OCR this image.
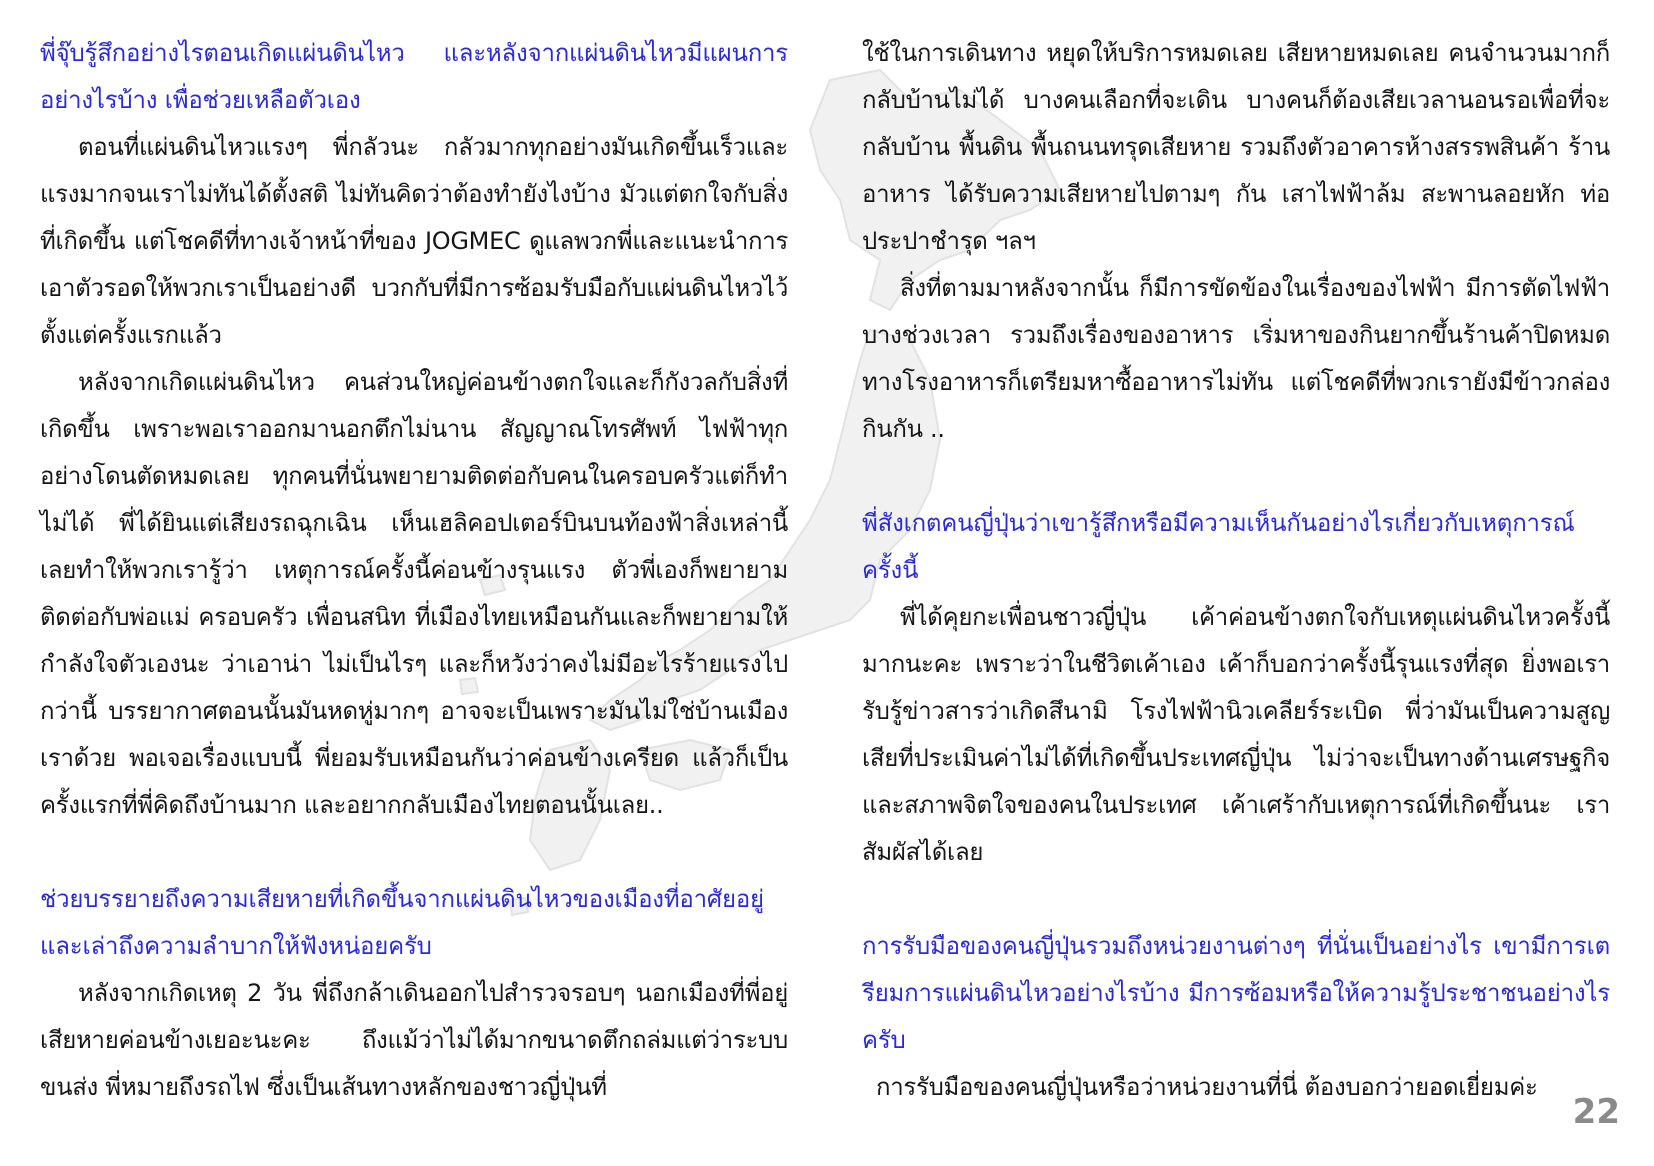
พี่จุ๊บรู้สึกอย่างไรตอนเกิดแผ่นดินไหว และหลังจากแผ่นดินไหวมีแผนการอย่างไรบ้าง เพื่อช่วยเหลือตัวเอง

ตอนที่แผ่นดินไหวแรงๆ พี่กลัวนะ กลัวมากทุกอย่างมันเกิดขึ้นเร็วและแรงมากจนเราไม่ทันได้ตั้งสติ ไม่ทันคิดว่าต้องทำยังไงบ้าง มัวแต่ตกใจกับสิ่งที่เกิดขึ้น แต่โชคดีที่ทางเจ้าหน้าที่ของ JOGMEC ดูแลพวกพี่และแนะนำการเอาตัวรอดให้พวกเราเป็นอย่างดี บวกกับที่มีการซ้อมรับมือกับแผ่นดินไหวไว้ตั้งแต่ครั้งแรกแล้ว

หลังจากเกิดแผ่นดินไหว คนส่วนใหญ่ค่อนข้างตกใจและก็กังวลกับสิ่งที่เกิดขึ้น เพราะพอเราออกมานอกตึกไม่นาน สัญญาณโทรศัพท์ ไฟฟ้าทุกอย่างโดนตัดหมดเลย ทุกคนที่นั่นพยายามติดต่อกับคนในครอบครัวแต่ก็ทำไม่ได้ พี่ได้ยินแต่เสียงรถฉุกเฉิน เห็นเฮลิคอปเตอร์บินบนท้องฟ้าสิ่งเหล่านี้เลยทำให้พวกเรารู้ว่า เหตุการณ์ครั้งนี้ค่อนข้างรุนแรง ตัวพี่เองก็พยายามติดต่อกับพ่อแม่ ครอบครัว เพื่อนสนิท ที่เมืองไทยเหมือนกันและก็พยายามให้กำลังใจตัวเองนะ ว่าเอาน่า ไม่เป็นไรๆ และก็หวังว่าคงไม่มีอะไรร้ายแรงไปกว่านี้ บรรยากาศตอนนั้นมันหดหู่มากๆ อาจจะเป็นเพราะมันไม่ใช่บ้านเมืองเราด้วย พอเจอเรื่องแบบนี้ พี่ยอมรับเหมือนกันว่าค่อนข้างเครียด แล้วก็เป็นครั้งแรกที่พี่คิดถึงบ้านมาก และอยากกลับเมืองไทยตอนนั้นเลย..

ช่วยบรรยายถึงความเสียหายที่เกิดขึ้นจากแผ่นดินไหวของเมืองที่อาศัยอยู่ และเล่าถึงความลำบากให้ฟังหน่อยครับ

หลังจากเกิดเหตุ 2 วัน พี่ถึงกล้าเดินออกไปสำรวจรอบๆ นอกเมืองที่พี่อยู่เสียหายค่อนข้างเยอะนะคะ ถึงแม้ว่าไม่ได้มากขนาดตึกถล่มแต่ว่าระบบขนส่ง พี่หมายถึงรถไฟ ซึ่งเป็นเส้นทางหลักของชาวญี่ปุ่นที่

ใช้ในการเดินทาง หยุดให้บริการหมดเลย เสียหายหมดเลย คนจำนวนมากก็กลับบ้านไม่ได้ บางคนเลือกที่จะเดิน บางคนก็ต้องเสียเวลานอนรอเพื่อที่จะกลับบ้าน พื้นดิน พื้นถนนทรุดเสียหาย รวมถึงตัวอาคารห้างสรรพสินค้า ร้านอาหาร ได้รับความเสียหายไปตามๆ กัน เสาไฟฟ้าล้ม สะพานลอยหัก ท่อประปาชำรุด ฯลฯ

สิ่งที่ตามมาหลังจากนั้น ก็มีการขัดข้องในเรื่องของไฟฟ้า มีการตัดไฟฟ้าบางช่วงเวลา รวมถึงเรื่องของอาหาร เริ่มหาของกินยากขึ้นร้านค้าปิดหมด ทางโรงอาหารก็เตรียมหาซื้ออาหารไม่ทัน แต่โชคดีที่พวกเรายังมีข้าวกล่องกินกัน ..

พี่สังเกตคนญี่ปุ่นว่าเขารู้สึกหรือมีความเห็นกันอย่างไรเกี่ยวกับเหตุการณ์ครั้งนี้

พี่ได้คุยกะเพื่อนชาวญี่ปุ่น เค้าค่อนข้างตกใจกับเหตุแผ่นดินไหวครั้งนี้มากนะคะ เพราะว่าในชีวิตเค้าเอง เค้าก็บอกว่าครั้งนี้รุนแรงที่สุด ยิ่งพอเรารับรู้ข่าวสารว่าเกิดสึนามิ โรงไฟฟ้านิวเคลียร์ระเบิด พี่ว่ามันเป็นความสูญเสียที่ประเมินค่าไม่ได้ที่เกิดขึ้นประเทศญี่ปุ่น ไม่ว่าจะเป็นทางด้านเศรษฐกิจ และสภาพจิตใจของคนในประเทศ เค้าเศร้ากับเหตุการณ์ที่เกิดขึ้นนะ เราสัมผัสได้เลย

การรับมือของคนญี่ปุ่นรวมถึงหน่วยงานต่างๆ ที่นั่นเป็นอย่างไร เขามีการเตรียมการแผ่นดินไหวอย่างไรบ้าง มีการซ้อมหรือให้ความรู้ประชาชนอย่างไรครับ

การรับมือของคนญี่ปุ่นหรือว่าหน่วยงานที่นี่ ต้องบอกว่ายอดเยี่ยมค่ะ

22
